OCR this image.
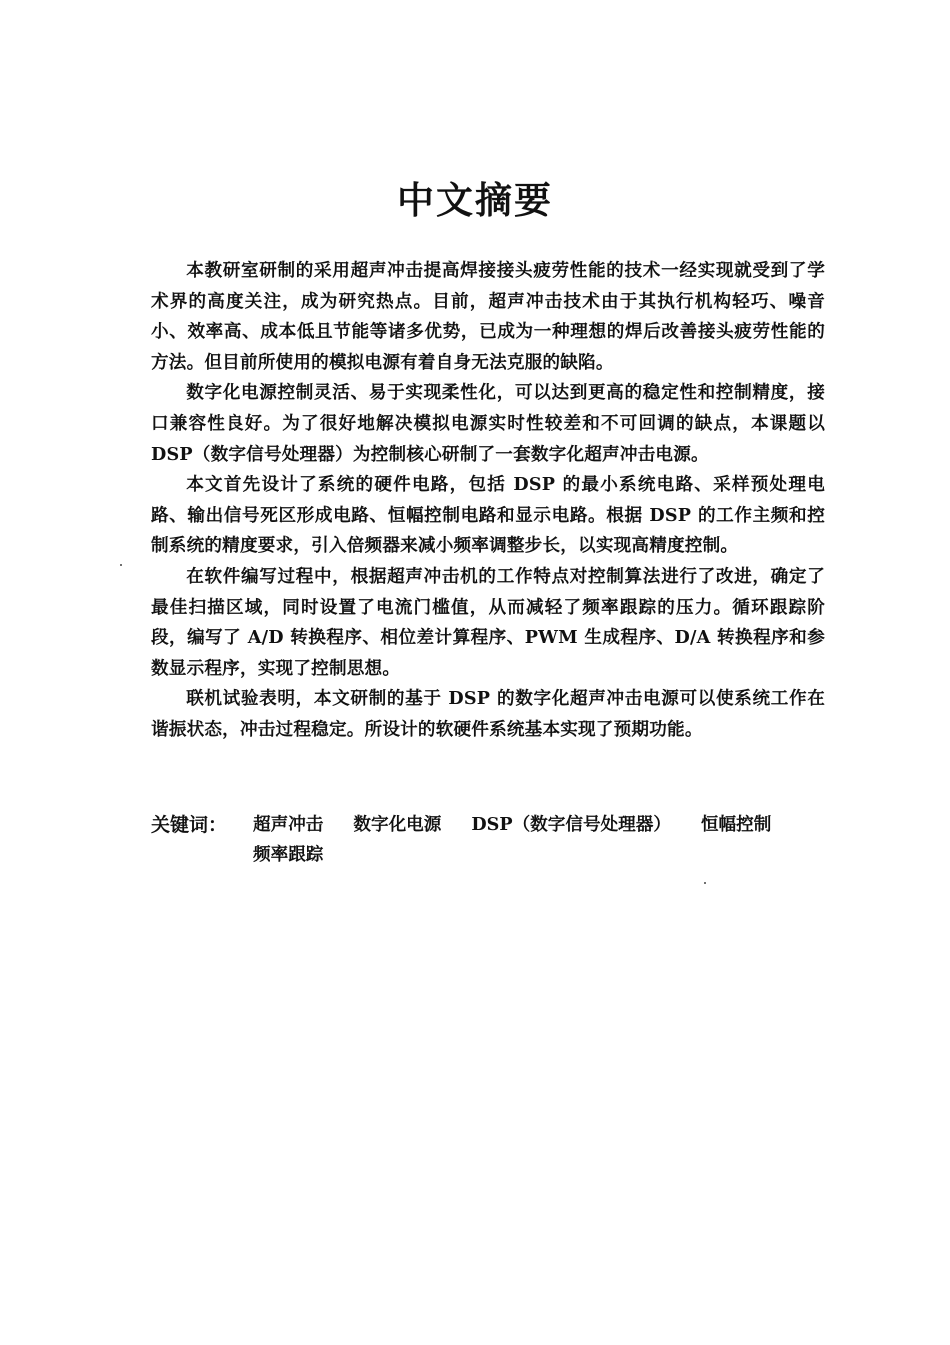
中文摘要

本教研室研制的采用超声冲击提高焊接接头疲劳性能的技术一经实现就受到了学术界的高度关注，成为研究热点。目前，超声冲击技术由于其执行机构轻巧、噪音小、效率高、成本低且节能等诸多优势，已成为一种理想的焊后改善接头疲劳性能的方法。但目前所使用的模拟电源有着自身无法克服的缺陷。

数字化电源控制灵活、易于实现柔性化，可以达到更高的稳定性和控制精度，接口兼容性良好。为了很好地解决模拟电源实时性较差和不可回调的缺点，本课题以 DSP（数字信号处理器）为控制核心研制了一套数字化超声冲击电源。

本文首先设计了系统的硬件电路，包括 DSP 的最小系统电路、采样预处理电路、输出信号死区形成电路、恒幅控制电路和显示电路。根据 DSP 的工作主频和控制系统的精度要求，引入倍频器来减小频率调整步长，以实现高精度控制。

在软件编写过程中，根据超声冲击机的工作特点对控制算法进行了改进，确定了最佳扫描区域，同时设置了电流门槛值，从而减轻了频率跟踪的压力。循环跟踪阶段，编写了 A/D 转换程序、相位差计算程序、PWM 生成程序、D/A 转换程序和参数显示程序，实现了控制思想。

联机试验表明，本文研制的基于 DSP 的数字化超声冲击电源可以使系统工作在谐振状态，冲击过程稳定。所设计的软硬件系统基本实现了预期功能。

关键词：	超声冲击 数字化电源 DSP（数字信号处理器） 恒幅控制
频率跟踪
